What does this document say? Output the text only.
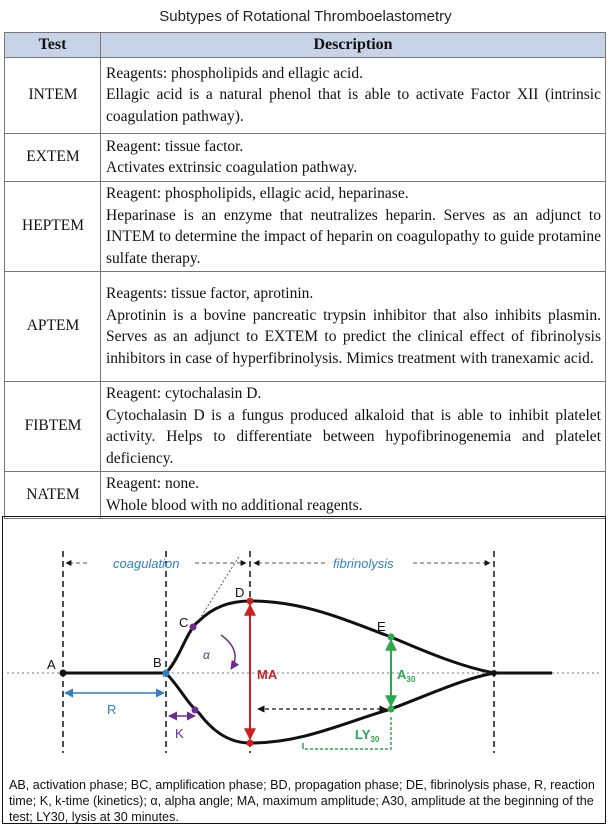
Subtypes of Rotational Thromboelastometry
Test	Description
INTEM	Reagents: phospholipids and ellagic acid.
Ellagic acid is a natural phenol that is able to activate Factor XII (intrinsic coagulation pathway).

EXTEM	Reagent: tissue factor.
Activates extrinsic coagulation pathway.

HEPTEM	Reagent: phospholipids, ellagic acid, heparinase.
Heparinase is an enzyme that neutralizes heparin. Serves as an adjunct to INTEM to determine the impact of heparin on coagulopathy to guide protamine sulfate therapy.

APTEM	Reagents: tissue factor, aprotinin.
Aprotinin is a bovine pancreatic trypsin inhibitor that also inhibits plasmin. Serves as an adjunct to EXTEM to predict the clinical effect of fibrinolysis inhibitors in case of hyperfibrinolysis. Mimics treatment with tranexamic acid.

FIBTEM	Reagent: cytochalasin D.
Cytochalasin D is a fungus produced alkaloid that is able to inhibit platelet activity. Helps to differentiate between hypofibrinogenemia and platelet deficiency.

NATEM	Reagent: none.
Whole blood with no additional reagents.
coagulation	fibrinolysis
R
K
α
MA	$A_{30}$
$LY_{30}$
A	B
C
D
E
AB, activation phase; BC, amplification phase; BD, propagation phase; DE, fibrinolysis phase, R, reaction time; K, k-time (kinetics); α, alpha angle; MA, maximum amplitude; A30, amplitude at the beginning of the test; LY30, lysis at 30 minutes.
